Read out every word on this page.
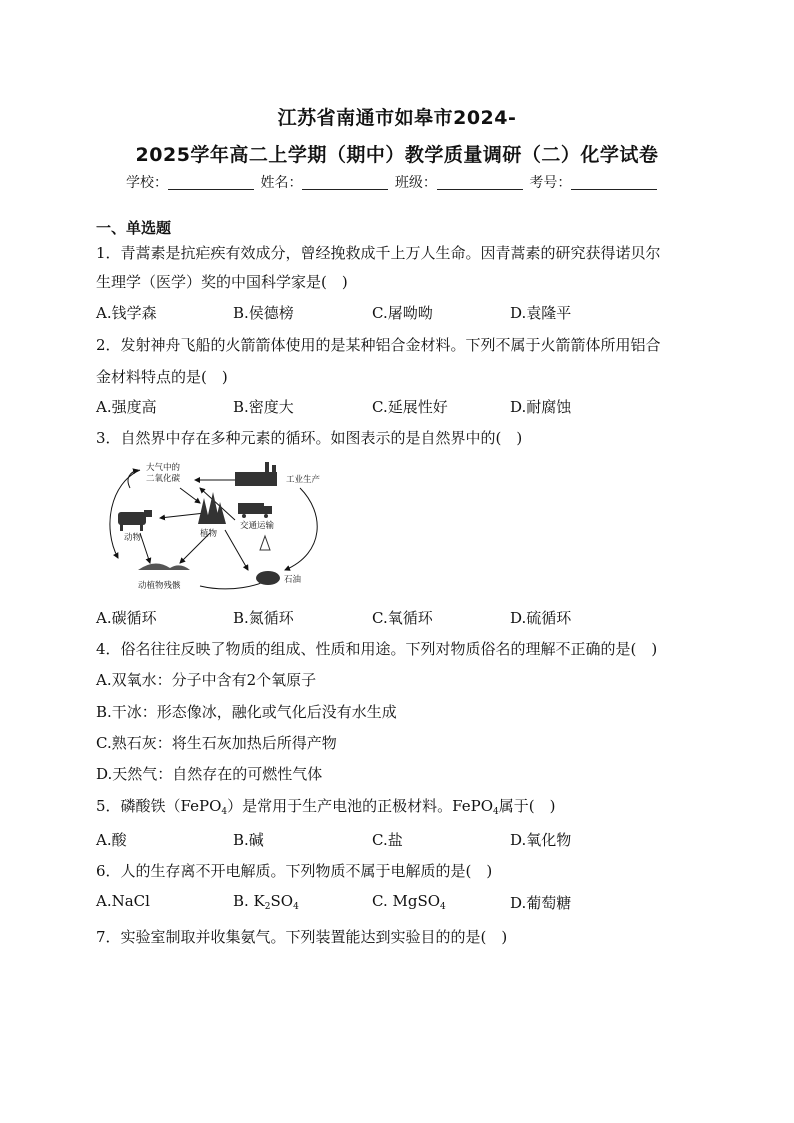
江苏省南通市如皋市2024-
2025学年高二上学期（期中）教学质量调研（二）化学试卷
学校：	姓名：	班级：	考号：
一、单选题
1．青蒿素是抗疟疾有效成分，曾经挽救成千上万人生命。因青蒿素的研究获得诺贝尔
生理学（医学）奖的中国科学家是(　)
A.钱学森	B.侯德榜	C.屠呦呦	D.袁隆平
2．发射神舟飞船的火箭箭体使用的是某种铝合金材料。下列不属于火箭箭体所用铝合
金材料特点的是(　)
A.强度高	B.密度大	C.延展性好	D.耐腐蚀
3．自然界中存在多种元素的循环。如图表示的是自然界中的(　)
大气中的
二氧化碳	工业生产
交通运输
动物	植物
石油
动植物残骸
A.碳循环	B.氮循环	C.氧循环	D.硫循环
4．俗名往往反映了物质的组成、性质和用途。下列对物质俗名的理解不正确的是(　)
A.双氧水：分子中含有2个氧原子
B.干冰：形态像冰，融化或气化后没有水生成
C.熟石灰：将生石灰加热后所得产物
D.天然气：自然存在的可燃性气体
5．磷酸铁（FePO$_4$）是常用于生产电池的正极材料。FePO$_4$属于(　)
A.酸	B.碱	C.盐	D.氧化物
6．人的生存离不开电解质。下列物质不属于电解质的是(　)
A.NaCl	B. $K_2SO_4$	C. MgSO$_4$	D.葡萄糖
7．实验室制取并收集氨气。下列装置能达到实验目的的是(　)
